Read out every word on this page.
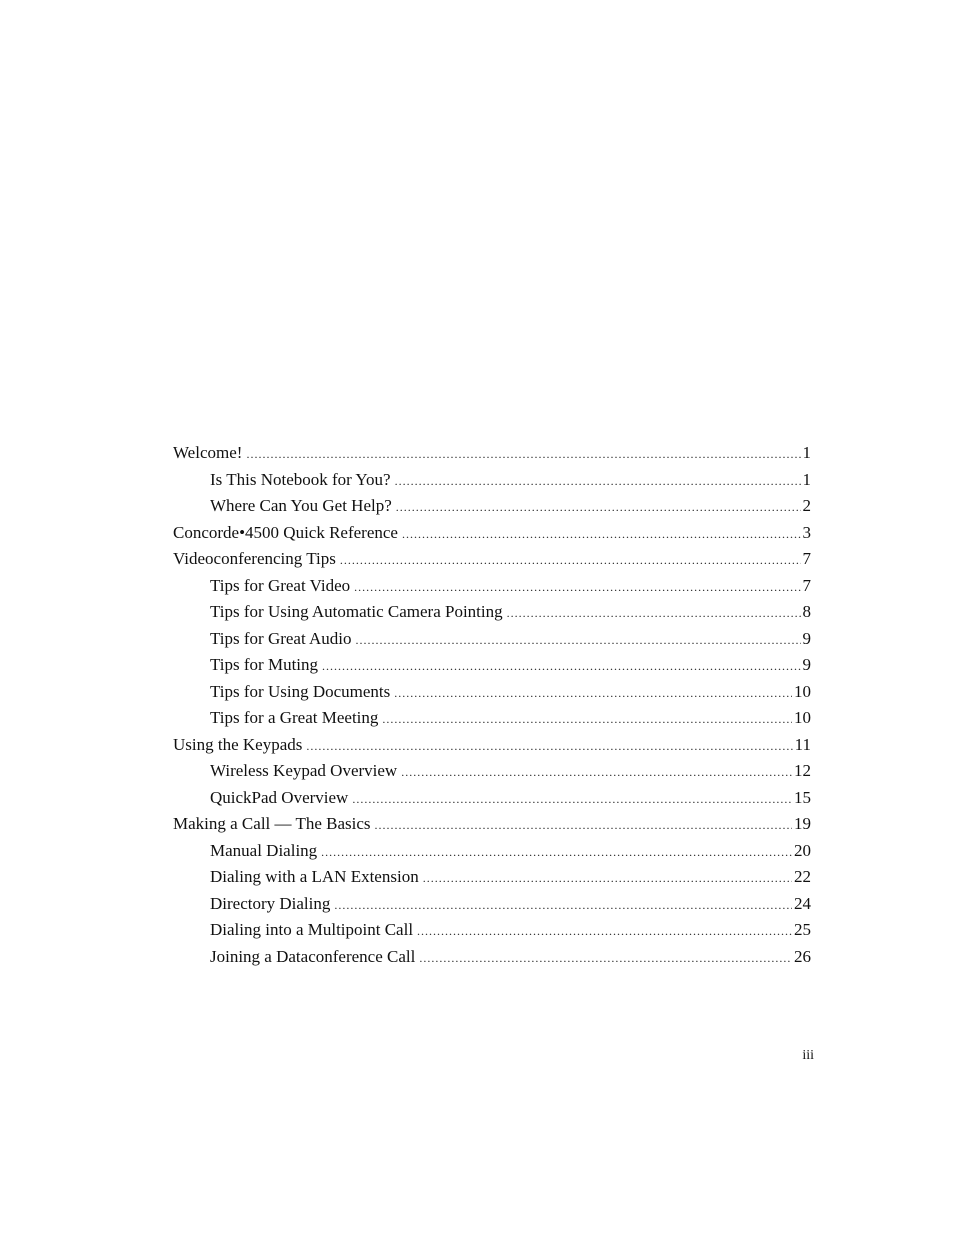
Welcome! .....	1
Is This Notebook for You? .....	1
Where Can You Get Help? .....	2
Concorde•4500 Quick Reference .....	3
Videoconferencing Tips .....	7
Tips for Great Video .....	7
Tips for Using Automatic Camera Pointing .....	8
Tips for Great Audio .....	9
Tips for Muting .....	9
Tips for Using Documents .....	10
Tips for a Great Meeting .....	10
Using the Keypads .....	11
Wireless Keypad Overview .....	12
QuickPad Overview .....	15
Making a Call — The Basics .....	19
Manual Dialing .....	20
Dialing with a LAN Extension .....	22
Directory Dialing .....	24
Dialing into a Multipoint Call .....	25
Joining a Dataconference Call .....	26
iii
